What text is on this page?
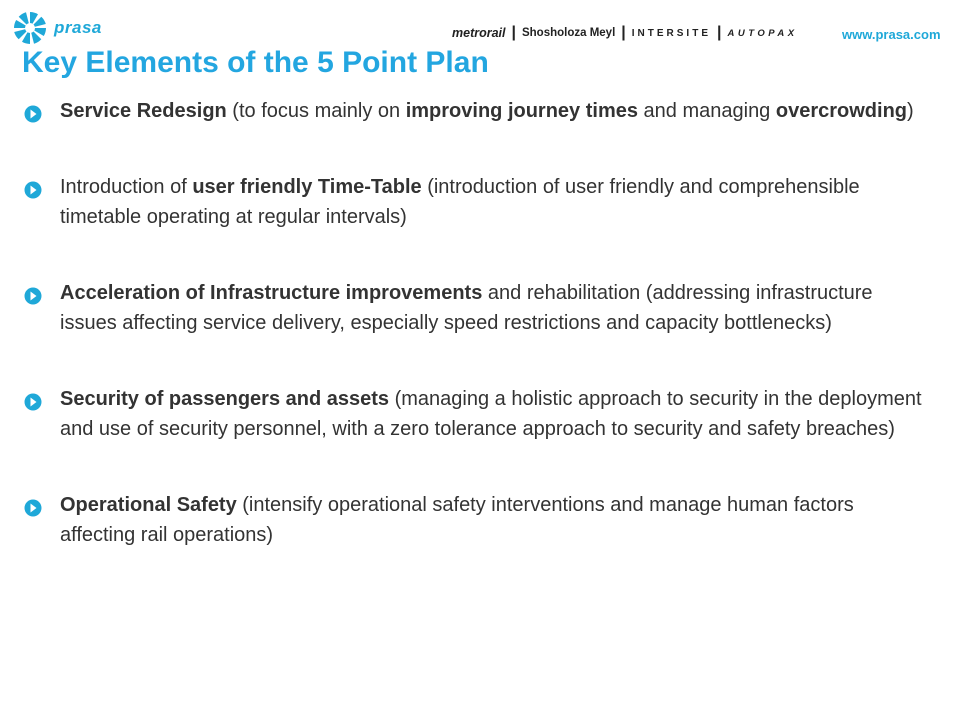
prasa	metrorail | Shosholoza Meyl | INTERSITE | AUTOPAX	www.prasa.com
Key Elements of the 5 Point Plan
Service Redesign (to focus mainly on improving journey times and managing overcrowding)
Introduction of user friendly Time-Table (introduction of user friendly and comprehensible timetable operating at regular intervals)
Acceleration of Infrastructure improvements and rehabilitation (addressing infrastructure issues affecting service delivery, especially speed restrictions and capacity bottlenecks)
Security of passengers and assets (managing a holistic approach to security in the deployment and use of security personnel, with a zero tolerance approach to security and safety breaches)
Operational Safety (intensify operational safety interventions and manage human factors affecting rail operations)
